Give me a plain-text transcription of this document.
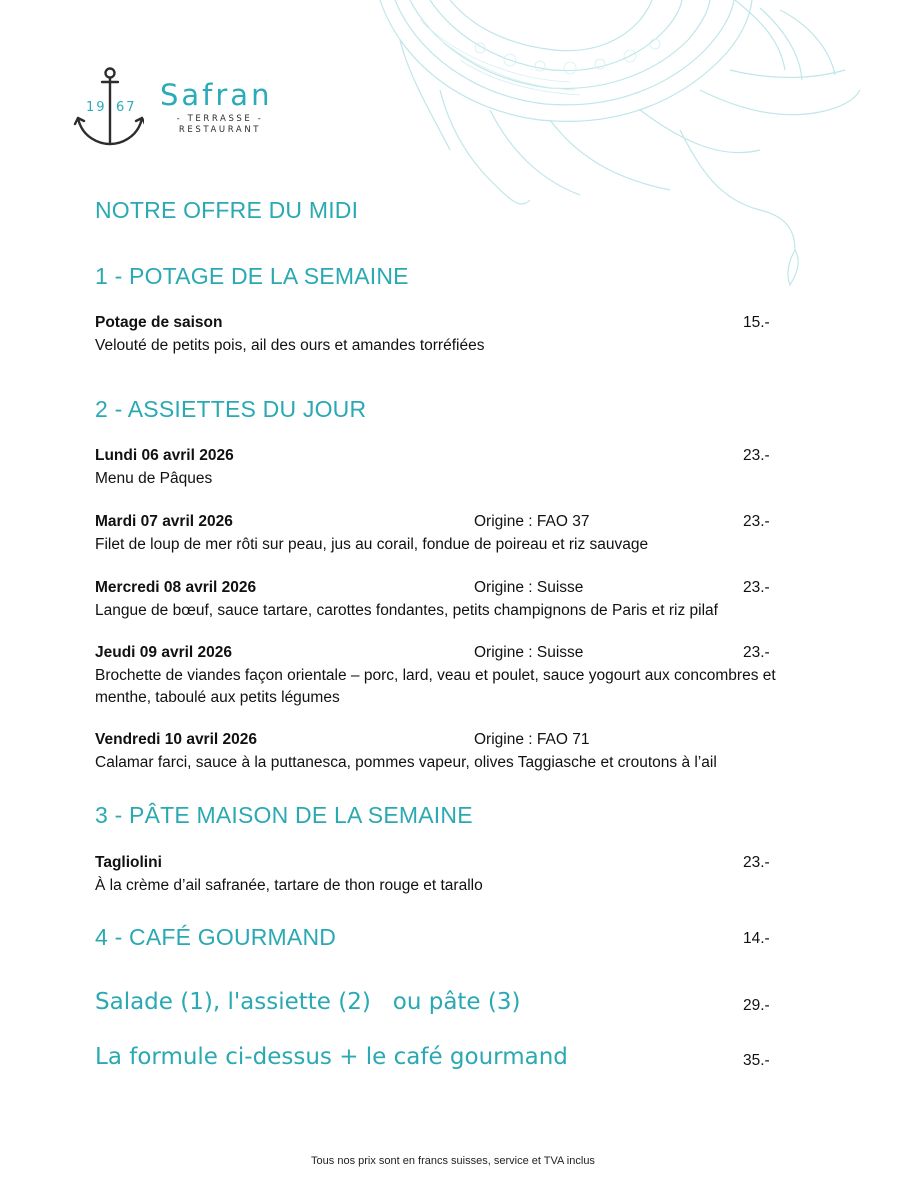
19 67 Safran
- TERRASSE -
RESTAURANT
NOTRE OFFRE DU MIDI
1 - POTAGE DE LA SEMAINE
Potage de saison	15.-
Velouté de petits pois, ail des ours et amandes torréfiées
2 - ASSIETTES DU JOUR
Lundi 06 avril 2026	23.-
Menu de Pâques
Mardi 07 avril 2026	Origine : FAO 37	23.-
Filet de loup de mer rôti sur peau, jus au corail, fondue de poireau et riz sauvage
Mercredi 08 avril 2026	Origine : Suisse	23.-
Langue de bœuf, sauce tartare, carottes fondantes, petits champignons de Paris et riz pilaf
Jeudi 09 avril 2026	Origine : Suisse	23.-
Brochette de viandes façon orientale – porc, lard, veau et poulet, sauce yogourt aux concombres et menthe, taboulé aux petits légumes
Vendredi 10 avril 2026	Origine : FAO 71
Calamar farci, sauce à la puttanesca, pommes vapeur, olives Taggiasche et croutons à l’ail
3 - PÂTE MAISON DE LA SEMAINE
Tagliolini	23.-
À la crème d’ail safranée, tartare de thon rouge et tarallo
4 - CAFÉ GOURMAND	14.-
Salade (1), l'assiette (2)   ou pâte (3)	29.-
La formule ci-dessus + le café gourmand	35.-
Tous nos prix sont en francs suisses, service et TVA inclus
